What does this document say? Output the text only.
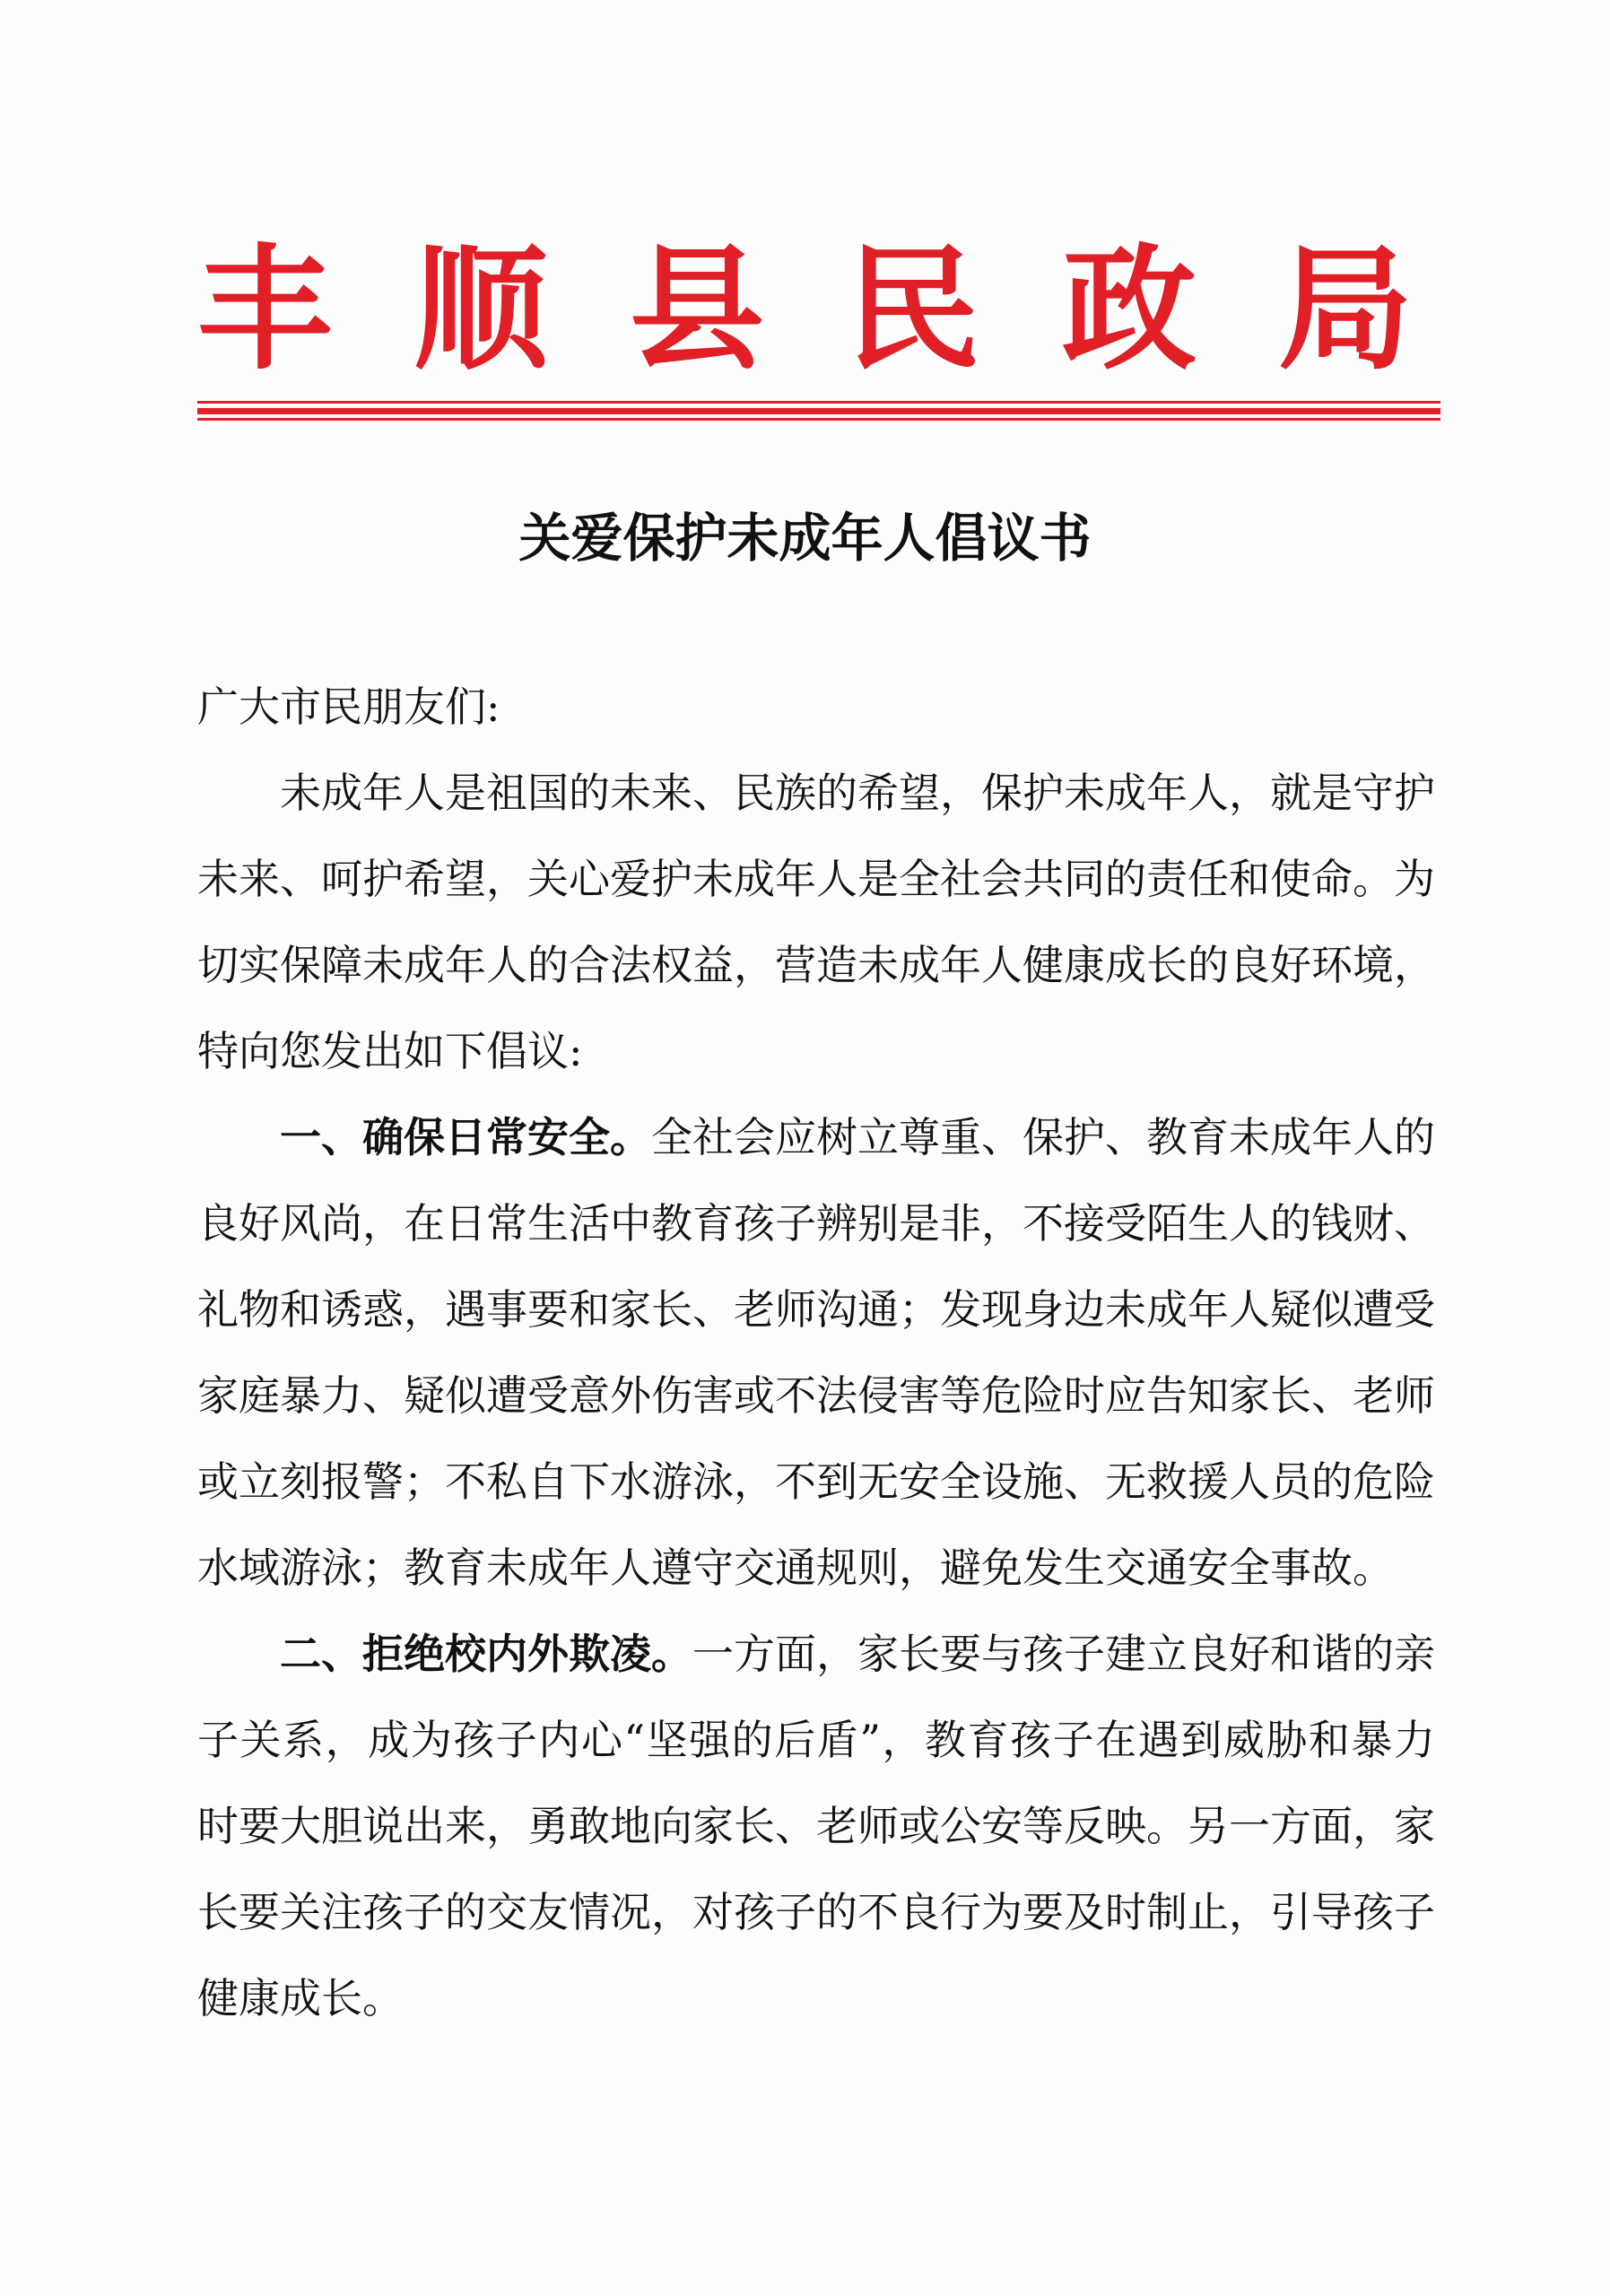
丰 顺 县 民 政 局
关爱保护未成年人倡议书

广大市民朋友们:

未成年人是祖国的未来、民族的希望，保护未成年人，就是守护未来、呵护希望，关心爱护未成年人是全社会共同的责任和使命。为切实保障未成年人的合法权益，营造未成年人健康成长的良好环境，特向您发出如下倡议:

一、确保日常安全。全社会应树立尊重、保护、教育未成年人的良好风尚，在日常生活中教育孩子辨别是非，不接受陌生人的钱财、礼物和诱惑，遇事要和家长、老师沟通；发现身边未成年人疑似遭受家庭暴力、疑似遭受意外伤害或不法侵害等危险时应告知家长、老师或立刻报警；不私自下水游泳，不到无安全设施、无救援人员的危险水域游泳；教育未成年人遵守交通规则，避免发生交通安全事故。

二、拒绝校内外欺凌。一方面，家长要与孩子建立良好和谐的亲子关系，成为孩子内心“坚强的后盾”，教育孩子在遇到威胁和暴力时要大胆说出来，勇敢地向家长、老师或公安等反映。另一方面，家长要关注孩子的交友情况，对孩子的不良行为要及时制止，引导孩子健康成长。
